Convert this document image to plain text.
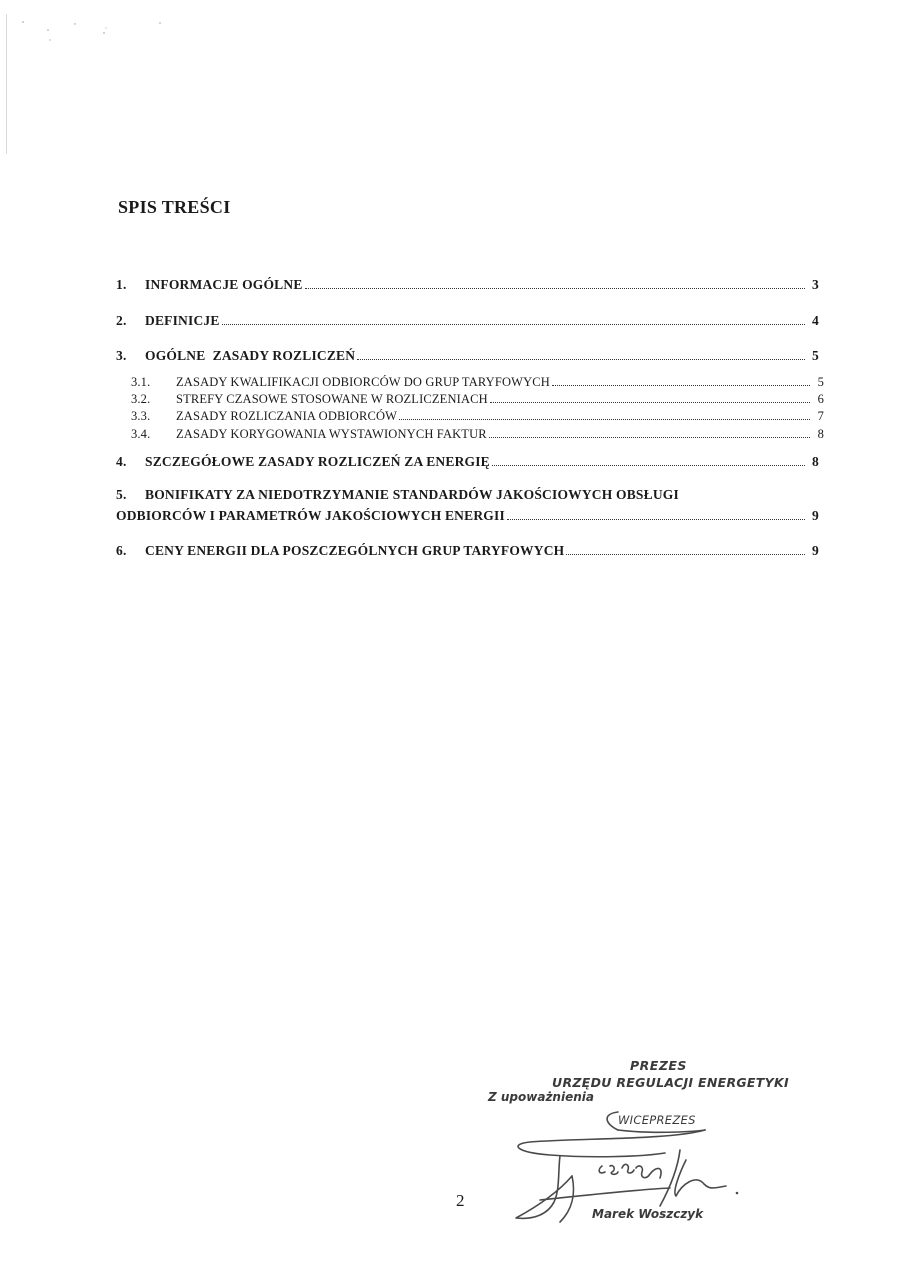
SPIS TREŚCI
1.	INFORMACJE OGÓLNE	3
2.	DEFINICJE	4
3.	OGÓLNE  ZASADY ROZLICZEŃ	5
3.1.	ZASADY KWALIFIKACJI ODBIORCÓW DO GRUP TARYFOWYCH	5
3.2.	STREFY CZASOWE STOSOWANE W ROZLICZENIACH	6
3.3.	ZASADY ROZLICZANIA ODBIORCÓW	7
3.4.	ZASADY KORYGOWANIA WYSTAWIONYCH FAKTUR	8
4.	SZCZEGÓŁOWE ZASADY ROZLICZEŃ ZA ENERGIĘ	8
5. BONIFIKATY ZA NIEDOTRZYMANIE STANDARDÓW JAKOŚCIOWYCH OBSŁUGI
ODBIORCÓW I PARAMETRÓW JAKOŚCIOWYCH ENERGII	9
6.	CENY ENERGII DLA POSZCZEGÓLNYCH GRUP TARYFOWYCH	9
PREZES
URZĘDU REGULACJI ENERGETYKI
Z upoważnienia
WICEPREZES
Marek Woszczyk
2
